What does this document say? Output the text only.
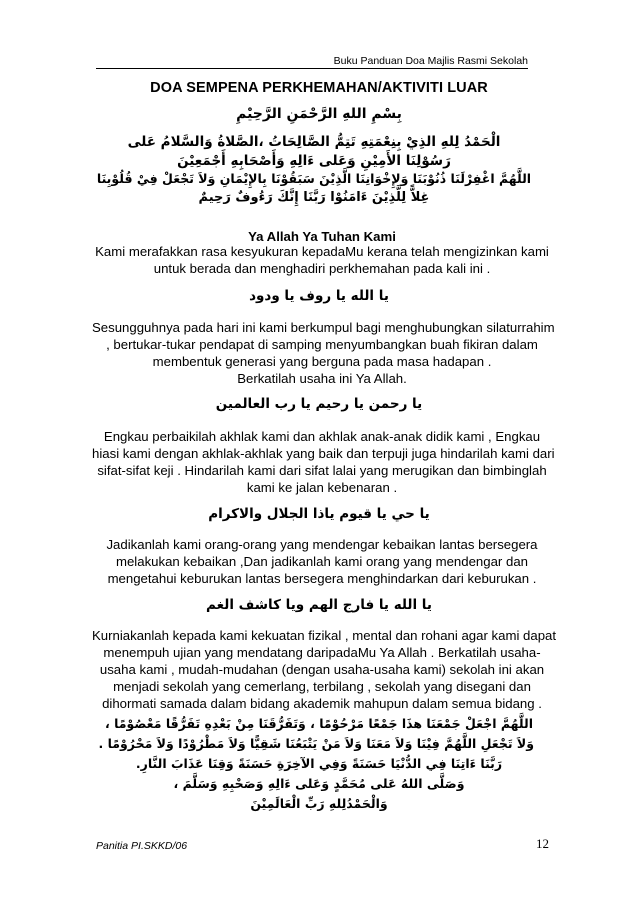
Buku Panduan Doa Majlis Rasmi Sekolah
DOA SEMPENA PERKHEMAHAN/AKTIVITI LUAR
بِسْمِ اللهِ الرَّحْمَنِ الرَّحِيْمِ
الْحَمْدُ لِلهِ الذِيْ بِنِعْمَتِهِ تَتِمُّ الصَّالِحَاتُ ،الصَّلاةُ وَالسَّلامُ عَلى
رَسُوْلِنَا الأَمِيْنِ وَعَلى ءَالِهِ وَأَصْحَابِهِ أَجْمَعِيْنَ
اللَّهُمَّ اغْفِرْلَنَا ذُنُوْبَنَا وَلإِخْوَانِنَا الَّذِيْنَ سَبَقُوْنَا بِالإِيْمَانِ وَلاَ تَجْعَلْ فِيْ قُلُوْبِنَا
غِلاًّ لِلَّذِيْنَ ءَامَنُوْا رَبَّنَا إِنَّكَ رَءُوفٌ رَحِيمٌ
Ya Allah Ya Tuhan Kami
Kami merafakkan rasa kesyukuran kepadaMu kerana telah mengizinkan kami
untuk berada dan menghadiri perkhemahan pada kali ini .
يا الله يا روف يا ودود
Sesungguhnya pada hari ini kami berkumpul bagi menghubungkan silaturrahim
, bertukar-tukar pendapat di samping menyumbangkan buah fikiran dalam
membentuk generasi yang berguna pada masa hadapan .
Berkatilah usaha ini Ya Allah.
يا رحمن يا رحيم يا رب العالمين
Engkau perbaikilah akhlak kami dan akhlak anak-anak didik kami , Engkau
hiasi kami dengan akhlak-akhlak yang baik dan terpuji juga hindarilah kami dari
sifat-sifat keji . Hindarilah kami dari sifat lalai yang merugikan dan bimbinglah
kami ke jalan kebenaran .
يا حي يا قيوم ياذا الجلال والاكرام
Jadikanlah kami orang-orang yang mendengar kebaikan lantas bersegera
melakukan kebaikan ,Dan jadikanlah kami orang yang mendengar dan
mengetahui keburukan lantas bersegera menghindarkan dari keburukan .
يا الله يا فارج الهم ويا كاشف الغم
Kurniakanlah kepada kami kekuatan fizikal , mental dan rohani agar kami dapat
menempuh ujian yang mendatang daripadaMu Ya Allah . Berkatilah usaha-
usaha kami , mudah-mudahan (dengan usaha-usaha kami) sekolah ini akan
menjadi sekolah yang cemerlang, terbilang , sekolah yang disegani dan
dihormati samada dalam bidang akademik mahupun dalam semua bidang .
اللَّهُمَّ اجْعَلْ جَمْعَنَا هذَا جَمْعًا مَرْحُوْمًا ، وَتَفَرُّقَنَا مِنْ بَعْدِهِ تَفَرُّقًا مَعْصُوْمًا ،
وَلاَ تَجْعَلِ اللَّهُمَّ فِيْنَا وَلاَ مَعَنَا وَلاَ مَنْ يَتْبَعُنَا شَقِيًّا وَلاَ مَطْرُوْدًا وَلاَ مَحْرُوْمًا .
رَبَّنَا ءَاتِنَا فِي الدُّنْيَا حَسَنَةً وَفِي الآخِرَةِ حَسَنَةً وَقِنَا عَذَابَ النَّارِ.
وَصَلَّى اللهُ عَلى مُحَمَّدٍ وَعَلى ءَالِهِ وَصَحْبِهِ وَسَلَّمَ ،
وَالْحَمْدُلِلهِ رَبِّ الْعَالَمِيْنَ
Panitia PI.SKKD/06	12
